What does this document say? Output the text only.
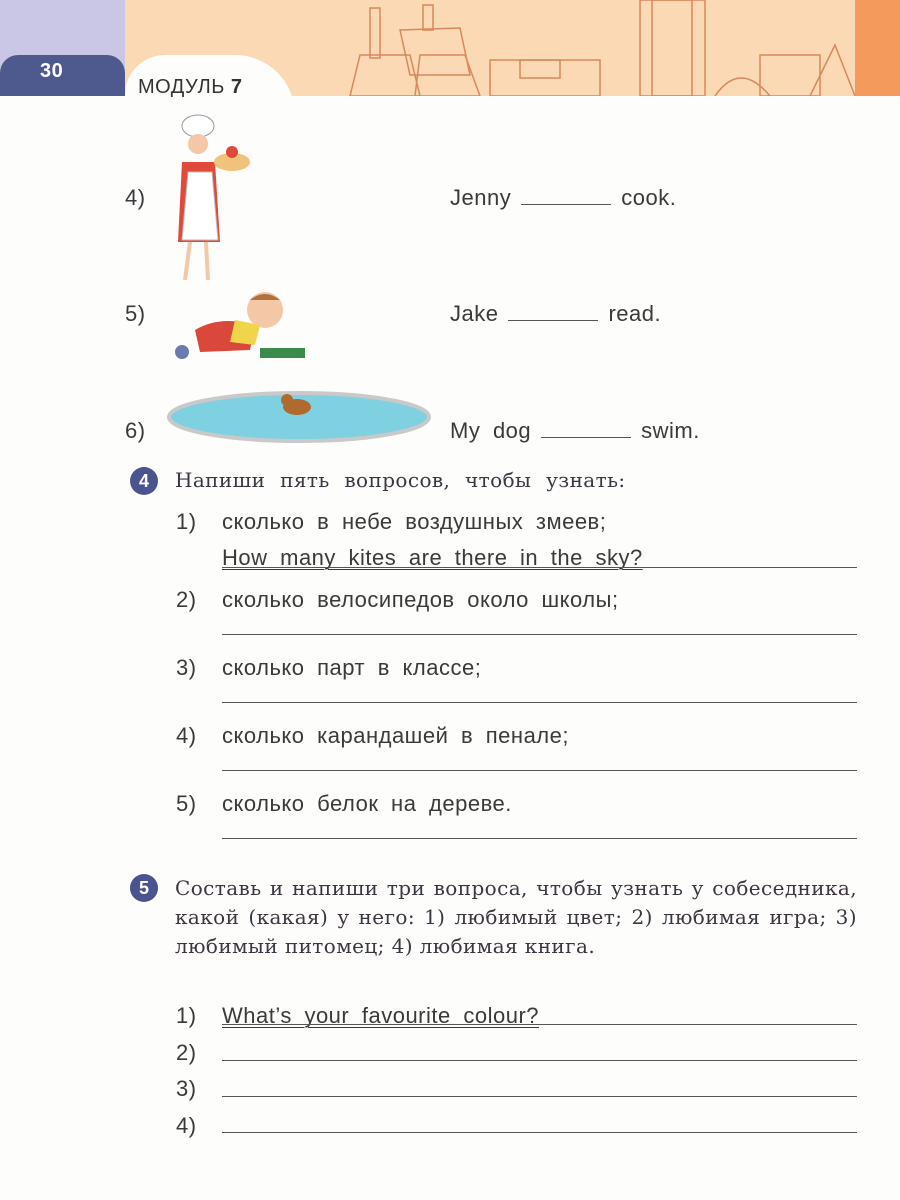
30
МОДУЛЬ 7
4)	Jenny	cook.
5)	Jake	read.
6)	My dog	swim.
4	Напиши пять вопросов, чтобы узнать:
1) сколько в небе воздушных змеев;
How many kites are there in the sky?
2) сколько велосипедов около школы;
3) сколько парт в классе;
4) сколько карандашей в пенале;
5) сколько белок на дереве.
5	Составь и напиши три вопроса, чтобы узнать у собеседника, какой (какая) у него: 1) любимый цвет; 2) любимая игра; 3) любимый питомец; 4) любимая книга.
1) What’s your favourite colour?
2)
3)
4)
